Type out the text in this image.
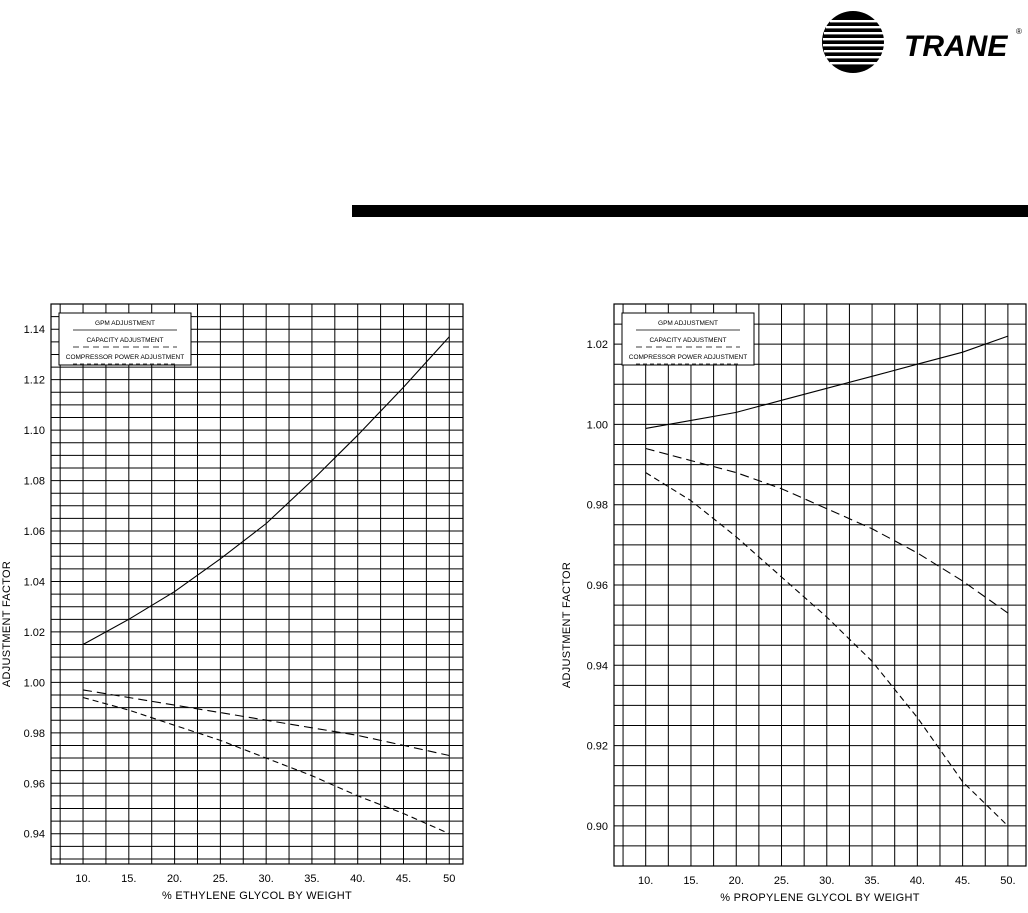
TRANE ®
0.94
0.96
0.98
1.00
1.02
1.04
1.06
1.08
1.10
1.12
1.14
10.	15.	20.	25.	30.	35.	40.	45.	50
% ETHYLENE GLYCOL BY WEIGHT
ADJUSTMENT FACTOR
GPM ADJUSTMENT
CAPACITY ADJUSTMENT
COMPRESSOR POWER ADJUSTMENT
0.90
0.92
0.94
0.96
0.98
1.00
1.02
10.	15.	20.	25.	30.	35.	40.	45.	50.
% PROPYLENE GLYCOL BY WEIGHT
ADJUSTMENT FACTOR
GPM ADJUSTMENT
CAPACITY ADJUSTMENT
COMPRESSOR POWER ADJUSTMENT
